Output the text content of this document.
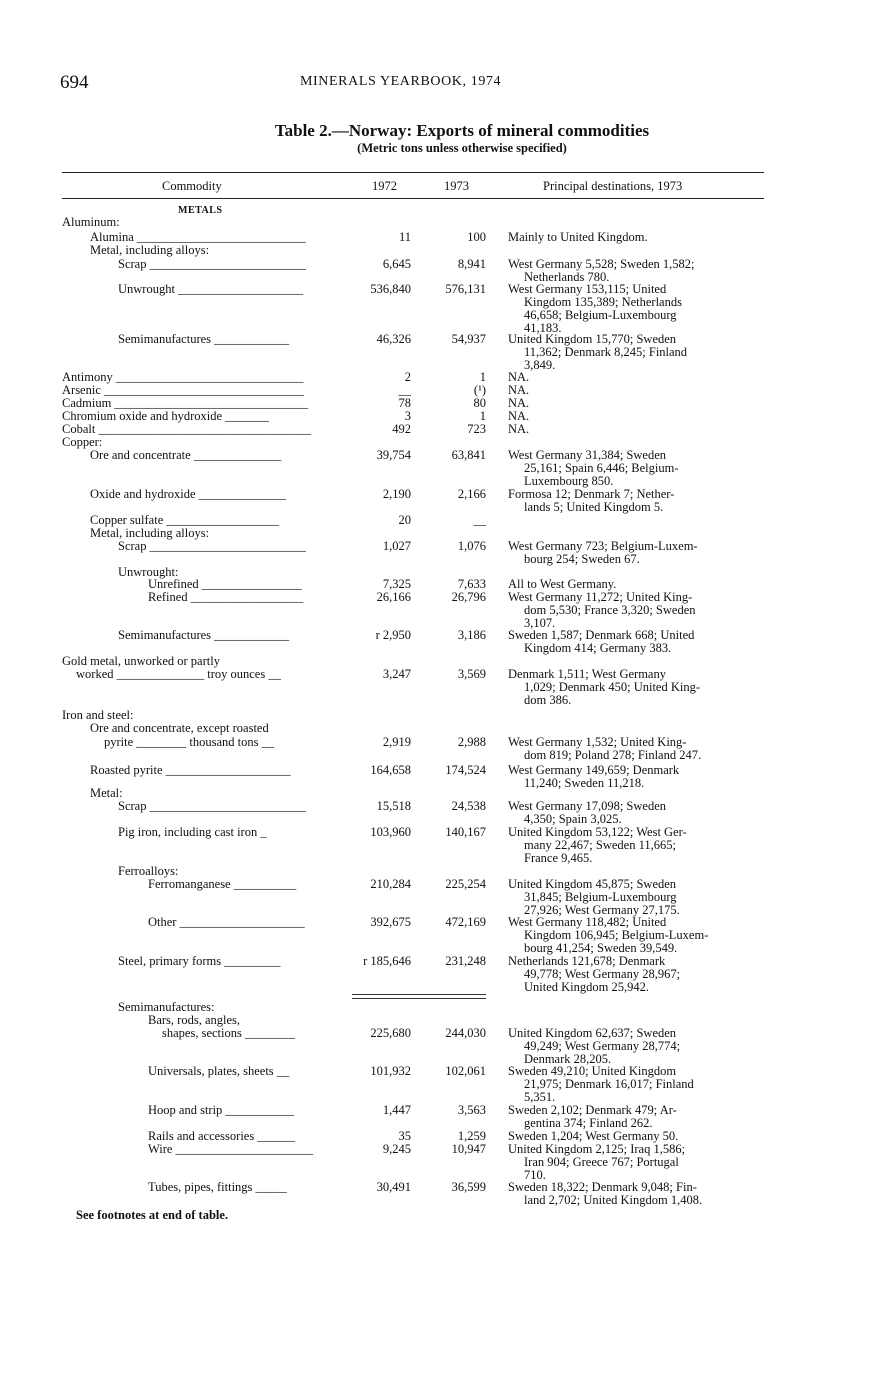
694	MINERALS YEARBOOK, 1974
Table 2.—Norway: Exports of mineral commodities
(Metric tons unless otherwise specified)
Commodity	1972	1973	Principal destinations, 1973
METALS
Aluminum:
Alumina ___________________________	11	100 Mainly to United Kingdom.
Metal, including alloys:
Scrap _________________________	6,645	8,941 West Germany 5,528; Sweden 1,582;
Netherlands 780.
Unwrought ____________________	536,840	576,131 West Germany 153,115; United
Kingdom 135,389; Netherlands
46,658; Belgium-Luxembourg
41,183.
Semimanufactures ____________	46,326	54,937 United Kingdom 15,770; Sweden
11,362; Denmark 8,245; Finland
3,849.
Antimony ______________________________	2	1 NA.
Arsenic ________________________________	__	(¹) NA.
Cadmium _______________________________	78	80 NA.
Chromium oxide and hydroxide _______	3	1 NA.
Cobalt __________________________________	492	723 NA.
Copper:
Ore and concentrate ______________	39,754	63,841 West Germany 31,384; Sweden
25,161; Spain 6,446; Belgium-
Luxembourg 850.
Oxide and hydroxide ______________	2,190	2,166 Formosa 12; Denmark 7; Nether-
lands 5; United Kingdom 5.
Copper sulfate __________________	20	__
Metal, including alloys:
Scrap _________________________	1,027	1,076 West Germany 723; Belgium-Luxem-
bourg 254; Sweden 67.
Unwrought:
Unrefined ________________	7,325	7,633 All to West Germany.
Refined __________________	26,166	26,796 West Germany 11,272; United King-
dom 5,530; France 3,320; Sweden
3,107.
Semimanufactures ____________	r 2,950	3,186 Sweden 1,587; Denmark 668; United
Kingdom 414; Germany 383.
Gold metal, unworked or partly
worked ______________ troy ounces __	3,247	3,569 Denmark 1,511; West Germany
1,029; Denmark 450; United King-
dom 386.
Iron and steel:
Ore and concentrate, except roasted
pyrite ________ thousand tons __	2,919	2,988 West Germany 1,532; United King-
dom 819; Poland 278; Finland 247.
Roasted pyrite ____________________	164,658	174,524 West Germany 149,659; Denmark
11,240; Sweden 11,218.
Metal:
Scrap _________________________	15,518	24,538 West Germany 17,098; Sweden
4,350; Spain 3,025.
Pig iron, including cast iron _	103,960	140,167 United Kingdom 53,122; West Ger-
many 22,467; Sweden 11,665;
France 9,465.
Ferroalloys:
Ferromanganese __________	210,284	225,254 United Kingdom 45,875; Sweden
31,845; Belgium-Luxembourg
27,926; West Germany 27,175.
Other ____________________	392,675	472,169 West Germany 118,482; United
Kingdom 106,945; Belgium-Luxem-
bourg 41,254; Sweden 39,549.
Steel, primary forms _________	r 185,646	231,248 Netherlands 121,678; Denmark
49,778; West Germany 28,967;
United Kingdom 25,942.
Semimanufactures:
Bars, rods, angles,
shapes, sections ________	225,680	244,030 United Kingdom 62,637; Sweden
49,249; West Germany 28,774;
Denmark 28,205.
Universals, plates, sheets __	101,932	102,061 Sweden 49,210; United Kingdom
21,975; Denmark 16,017; Finland
5,351.
Hoop and strip ___________	1,447	3,563 Sweden 2,102; Denmark 479; Ar-
gentina 374; Finland 262.
Rails and accessories ______	35	1,259 Sweden 1,204; West Germany 50.
Wire ______________________	9,245	10,947 United Kingdom 2,125; Iraq 1,586;
Iran 904; Greece 767; Portugal
710.
Tubes, pipes, fittings _____	30,491	36,599 Sweden 18,322; Denmark 9,048; Fin-
land 2,702; United Kingdom 1,408.
See footnotes at end of table.
